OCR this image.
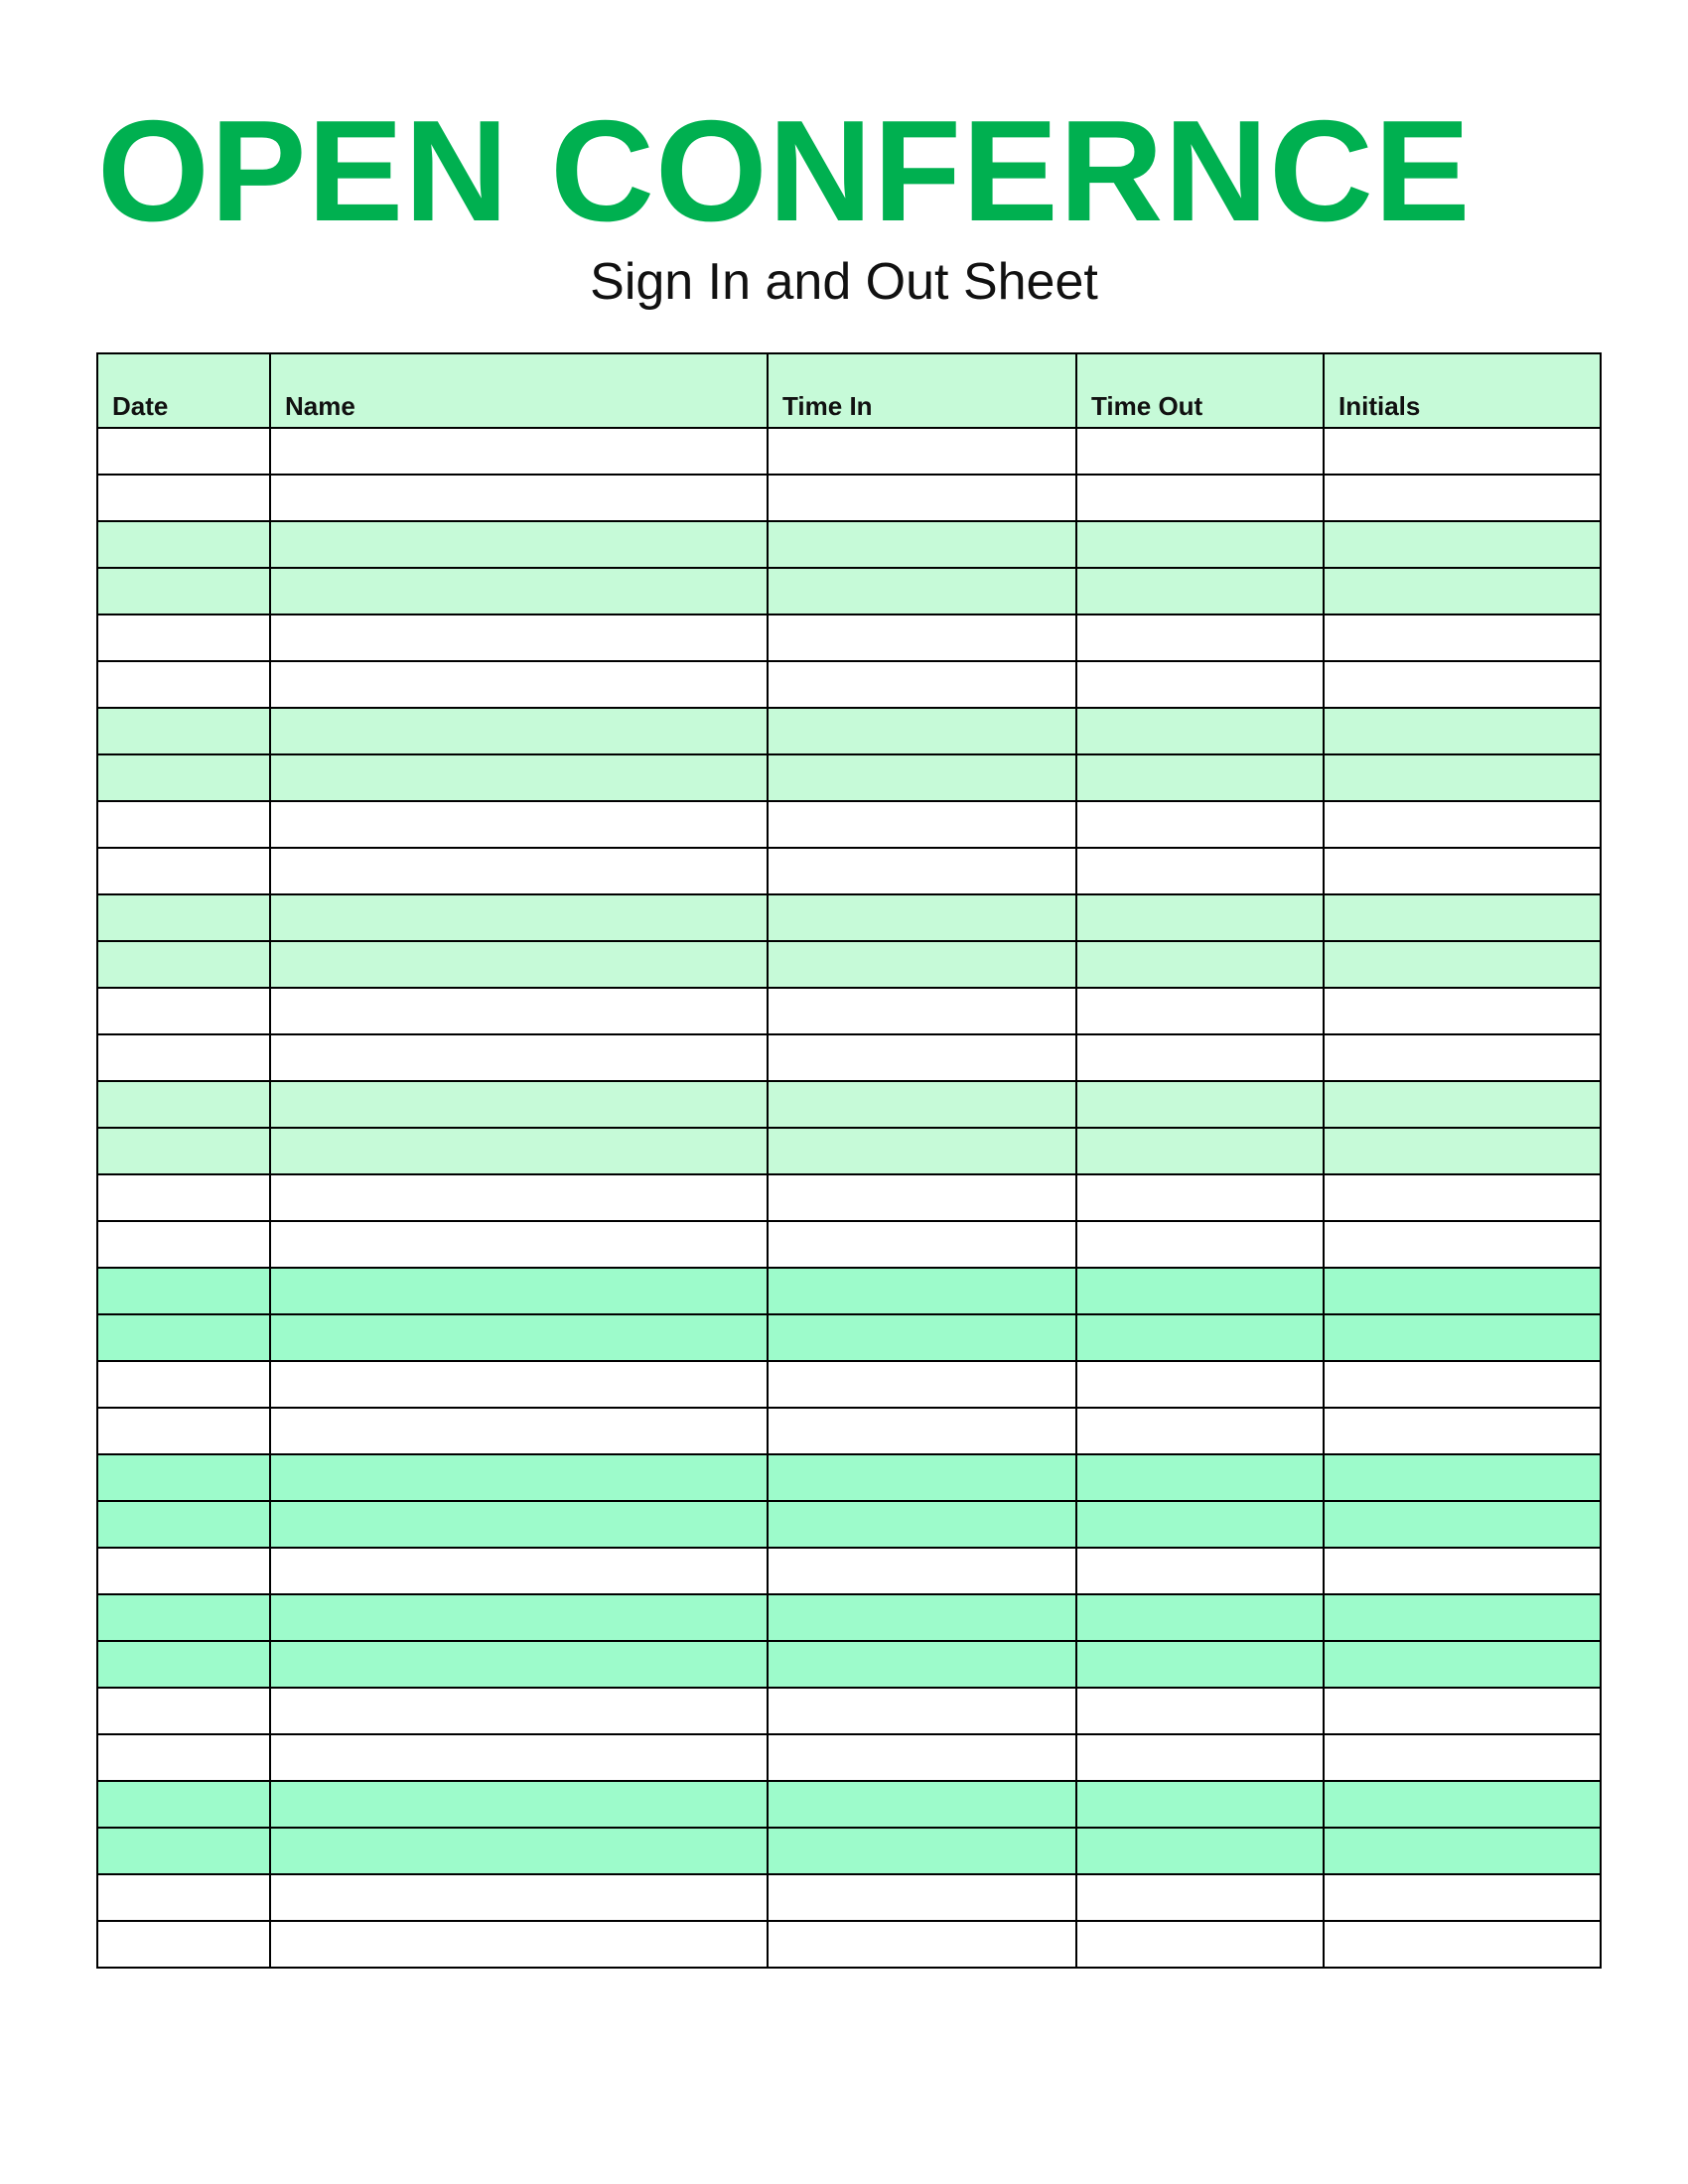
OPEN CONFERNCE
Sign In and Out Sheet
Date	Name	Time In	Time Out	Initials
